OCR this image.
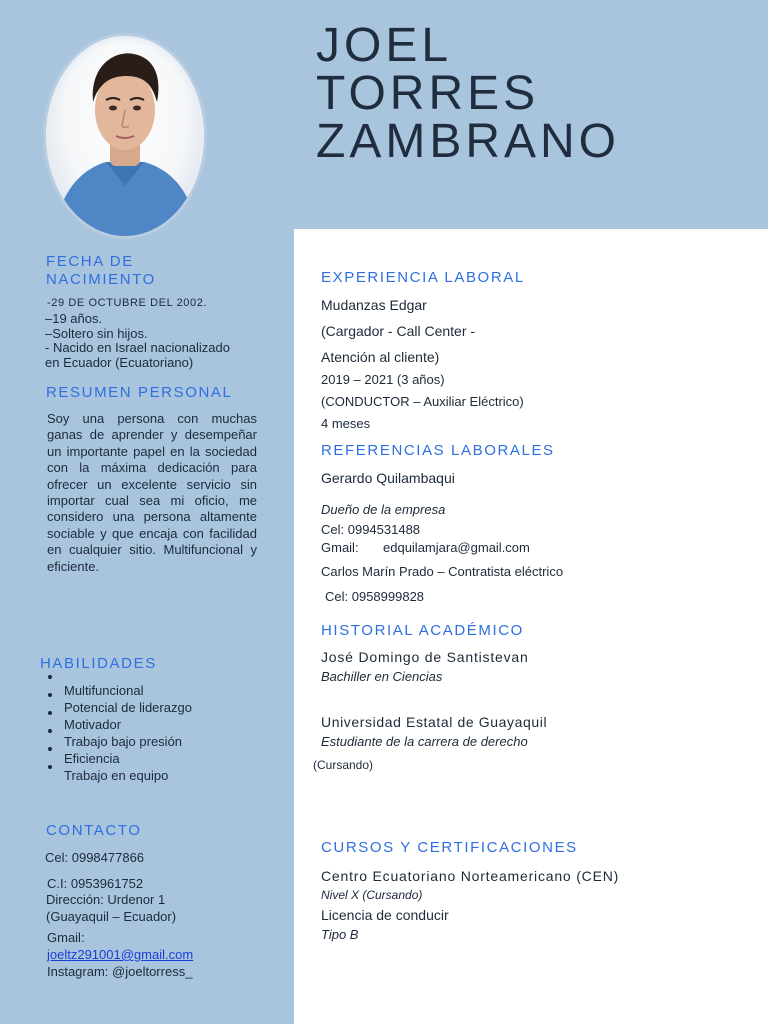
JOEL
TORRES
ZAMBRANO
FECHA DE
NACIMIENTO
-29 DE OCTUBRE DEL 2002.
–19 años.
–Soltero sin hijos.
- Nacido en Israel nacionalizado
en Ecuador (Ecuatoriano)
RESUMEN PERSONAL
Soy una persona con muchas ganas de aprender y desempeñar un importante papel en la sociedad con la máxima dedicación para ofrecer un excelente servicio sin importar cual sea mi oficio, me considero una persona altamente sociable y que encaja con facilidad en cualquier sitio. Multifuncional y eficiente.
HABILIDADES
Multifuncional
Potencial de liderazgo
Motivador
Trabajo bajo presión
Eficiencia
Trabajo en equipo
CONTACTO
Cel: 0998477866
C.I: 0953961752
Dirección: Urdenor 1
(Guayaquil – Ecuador)
Gmail:
joeltz291001@gmail.com
Instagram: @joeltorress_
EXPERIENCIA LABORAL
Mudanzas Edgar
(Cargador - Call Center -
Atención al cliente)
2019 – 2021 (3 años)
(CONDUCTOR – Auxiliar Eléctrico)
4 meses
REFERENCIAS LABORALES
Gerardo Quilambaqui
Dueño de la empresa
Cel: 0994531488
Gmail: edquilamjara@gmail.com
Carlos Marín Prado – Contratista eléctrico
Cel: 0958999828
HISTORIAL ACADÉMICO
José Domingo de Santistevan
Bachiller en Ciencias
Universidad Estatal de Guayaquil
Estudiante de la carrera de derecho
(Cursando)
CURSOS Y CERTIFICACIONES
Centro Ecuatoriano Norteamericano (CEN)
Nivel X (Cursando)
Licencia de conducir
Tipo B
